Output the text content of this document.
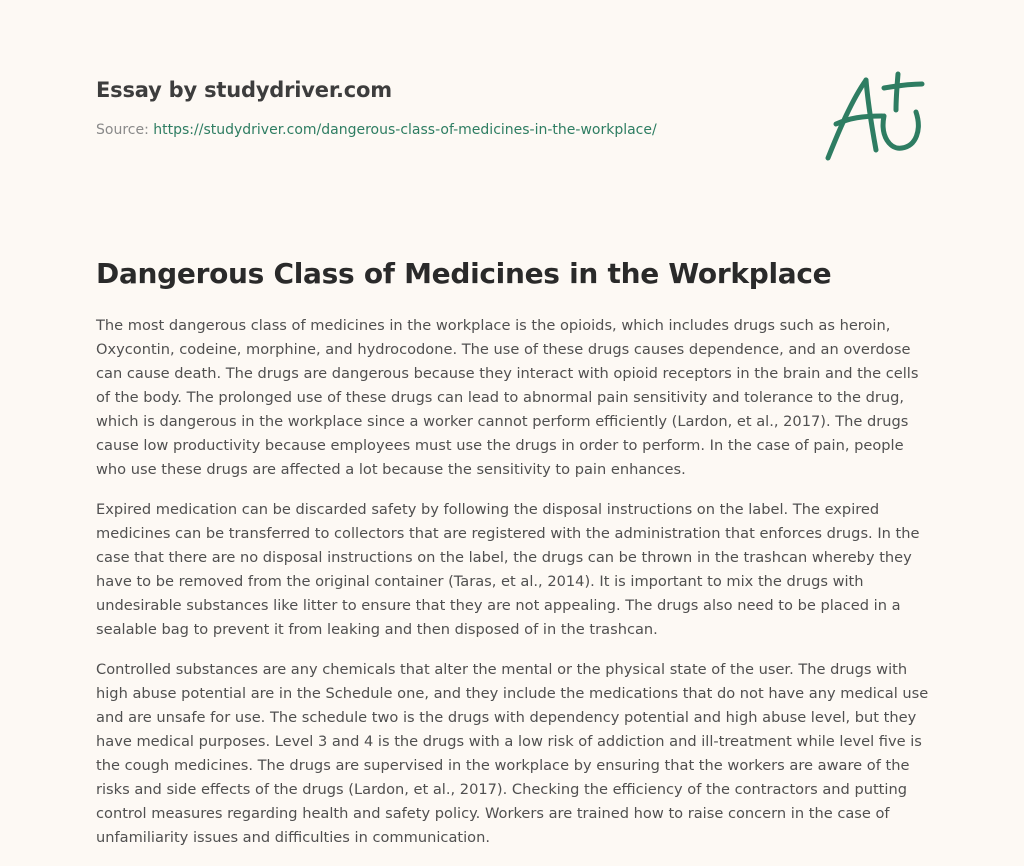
Essay by studydriver.com
Source: https://studydriver.com/dangerous-class-of-medicines-in-the-workplace/
Dangerous Class of Medicines in the Workplace

The most dangerous class of medicines in the workplace is the opioids, which includes drugs such as heroin, Oxycontin, codeine, morphine, and hydrocodone. The use of these drugs causes dependence, and an overdose can cause death. The drugs are dangerous because they interact with opioid receptors in the brain and the cells of the body. The prolonged use of these drugs can lead to abnormal pain sensitivity and tolerance to the drug, which is dangerous in the workplace since a worker cannot perform efficiently (Lardon, et al., 2017). The drugs cause low productivity because employees must use the drugs in order to perform. In the case of pain, people who use these drugs are affected a lot because the sensitivity to pain enhances.

Expired medication can be discarded safety by following the disposal instructions on the label. The expired medicines can be transferred to collectors that are registered with the administration that enforces drugs. In the case that there are no disposal instructions on the label, the drugs can be thrown in the trashcan whereby they have to be removed from the original container (Taras, et al., 2014). It is important to mix the drugs with undesirable substances like litter to ensure that they are not appealing. The drugs also need to be placed in a sealable bag to prevent it from leaking and then disposed of in the trashcan.

Controlled substances are any chemicals that alter the mental or the physical state of the user. The drugs with high abuse potential are in the Schedule one, and they include the medications that do not have any medical use and are unsafe for use. The schedule two is the drugs with dependency potential and high abuse level, but they have medical purposes. Level 3 and 4 is the drugs with a low risk of addiction and ill-treatment while level five is the cough medicines. The drugs are supervised in the workplace by ensuring that the workers are aware of the risks and side effects of the drugs (Lardon, et al., 2017). Checking the efficiency of the contractors and putting control measures regarding health and safety policy. Workers are trained how to raise concern in the case of unfamiliarity issues and difficulties in communication.
